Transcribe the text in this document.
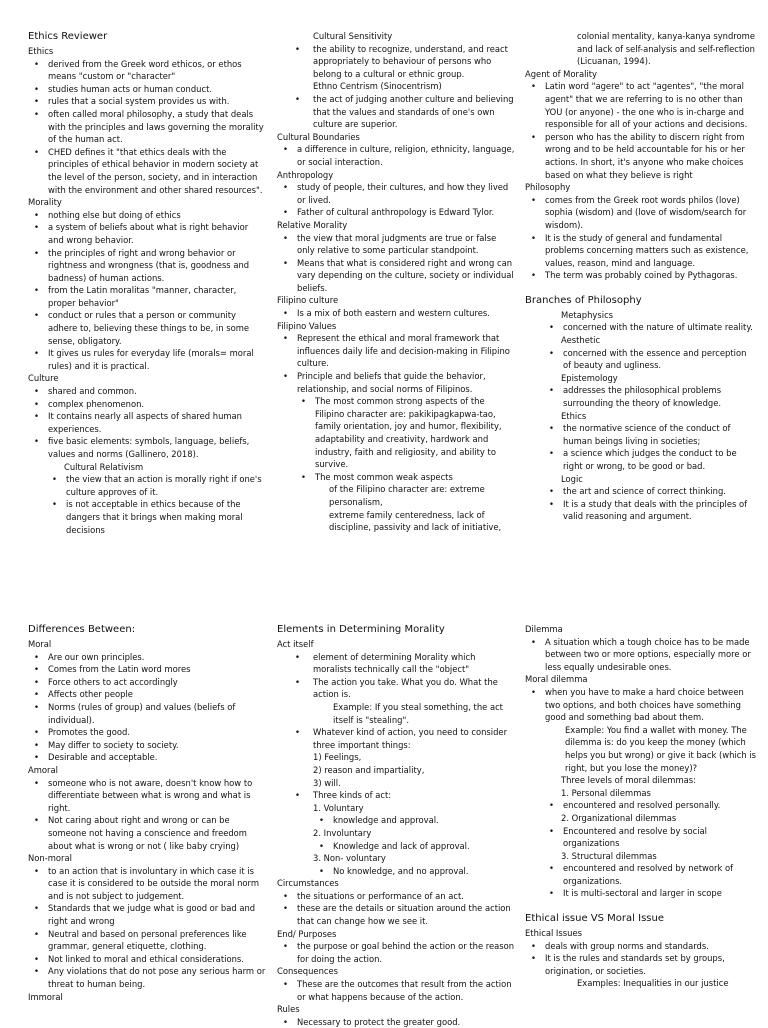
Ethics Reviewer
Ethics
• derived from the Greek word ethicos, or ethos means "custom or "character"
• studies human acts or human conduct.
• rules that a social system provides us with.
• often called moral philosophy, a study that deals with the principles and laws governing the morality of the human act.
• CHED defines it "that ethics deals with the principles of ethical behavior in modern society at the level of the person, society, and in interaction with the environment and other shared resources".
Morality
• nothing else but doing of ethics
• a system of beliefs about what is right behavior and wrong behavior.
• the principles of right and wrong behavior or rightness and wrongness (that is, goodness and badness) of human actions.
• from the Latin moralitas "manner, character, proper behavior"
• conduct or rules that a person or community adhere to, believing these things to be, in some sense, obligatory.
• It gives us rules for everyday life (morals= moral rules) and it is practical.
Culture
• shared and common.
• complex phenomenon.
• It contains nearly all aspects of shared human experiences.
• five basic elements: symbols, language, beliefs, values and norms (Gallinero, 2018).
Cultural Relativism
• the view that an action is morally right if one's culture approves of it.
• is not acceptable in ethics because of the dangers that it brings when making moral decisions
Cultural Sensitivity
• the ability to recognize, understand, and react appropriately to behaviour of persons who belong to a cultural or ethnic group.
Ethno Centrism (Sinocentrism)
• the act of judging another culture and believing that the values and standards of one's own culture are superior.
Cultural Boundaries
• a difference in culture, religion, ethnicity, language, or social interaction.
Anthropology
• study of people, their cultures, and how they lived or lived.
• Father of cultural anthropology is Edward Tylor.
Relative Morality
• the view that moral judgments are true or false only relative to some particular standpoint.
• Means that what is considered right and wrong can vary depending on the culture, society or individual beliefs.
Filipino culture
• Is a mix of both eastern and western cultures.
Filipino Values
• Represent the ethical and moral framework that influences daily life and decision-making in Filipino culture.
• Principle and beliefs that guide the behavior, relationship, and social norms of Filipinos.
• The most common strong aspects of the Filipino character are: pakikipagkapwa-tao, family orientation, joy and humor, flexibility, adaptability and creativity, hardwork and industry, faith and religiosity, and ability to survive.
• The most common weak aspects
of the Filipino character are: extreme personalism,
extreme family centeredness, lack of discipline, passivity and lack of initiative,
colonial mentality, kanya-kanya syndrome and lack of self-analysis and self-reflection (Licuanan, 1994).
Agent of Morality
• Latin word "agere" to act "agentes", "the moral agent" that we are referring to is no other than YOU (or anyone) - the one who is in-charge and responsible for all of your actions and decisions.
• person who has the ability to discern right from wrong and to be held accountable for his or her actions. In short, it's anyone who make choices based on what they believe is right
Philosophy
• comes from the Greek root words philos (love) sophia (wisdom) and (love of wisdom/search for wisdom).
• It is the study of general and fundamental problems concerning matters such as existence, values, reason, mind and language.
• The term was probably coined by Pythagoras.
Branches of Philosophy
Metaphysics
• concerned with the nature of ultimate reality.
Aesthetic
• concerned with the essence and perception of beauty and ugliness.
Epistemology
• addresses the philosophical problems surrounding the theory of knowledge.
Ethics
• the normative science of the conduct of human beings living in societies;
• a science which judges the conduct to be right or wrong, to be good or bad.
Logic
• the art and science of correct thinking.
• It is a study that deals with the principles of valid reasoning and argument.
Differences Between:
Moral
• Are our own principles.
• Comes from the Latin word mores
• Force others to act accordingly
• Affects other people
• Norms (rules of group) and values (beliefs of individual).
• Promotes the good.
• May differ to society to society.
• Desirable and acceptable.
Amoral
• someone who is not aware, doesn't know how to differentiate between what is wrong and what is right.
• Not caring about right and wrong or can be someone not having a conscience and freedom about what is wrong or not ( like baby crying)
Non-moral
• to an action that is involuntary in which case it is case it is considered to be outside the moral norm and is not subject to judgement.
• Standards that we judge what is good or bad and right and wrong
• Neutral and based on personal preferences like grammar, general etiquette, clothing.
• Not linked to moral and ethical considerations.
• Any violations that do not pose any serious harm or threat to human being.
Immoral
Elements in Determining Morality
Act itself
• element of determining Morality which moralists technically call the "object"
• The action you take. What you do. What the action is.
Example: If you steal something, the act itself is "stealing".
• Whatever kind of action, you need to consider three important things:
1) Feelings,
2) reason and impartiality,
3) will.
• Three kinds of act:
1. Voluntary
• knowledge and approval.
2. Involuntary
• Knowledge and lack of approval.
3. Non- voluntary
• No knowledge, and no approval.
Circumstances
• the situations or performance of an act.
• these are the details or situation around the action that can change how we see it.
End/ Purposes
• the purpose or goal behind the action or the reason for doing the action.
Consequences
• These are the outcomes that result from the action or what happens because of the action.
Rules
• Necessary to protect the greater good.
Dilemma
• A situation which a tough choice has to be made between two or more options, especially more or less equally undesirable ones.
Moral dilemma
• when you have to make a hard choice between two options, and both choices have something good and something bad about them.
Example: You find a wallet with money. The dilemma is: do you keep the money (which helps you but wrong) or give it back (which is right, but you lose the money)?
Three levels of moral dilemmas:
1. Personal dilemmas
• encountered and resolved personally.
2. Organizational dilemmas
• Encountered and resolve by social organizations
3. Structural dilemmas
• encountered and resolved by network of organizations.
• It is multi-sectoral and larger in scope
Ethical issue VS Moral Issue
Ethical Issues
• deals with group norms and standards.
• It is the rules and standards set by groups, origination, or societies.
Examples: Inequalities in our justice
